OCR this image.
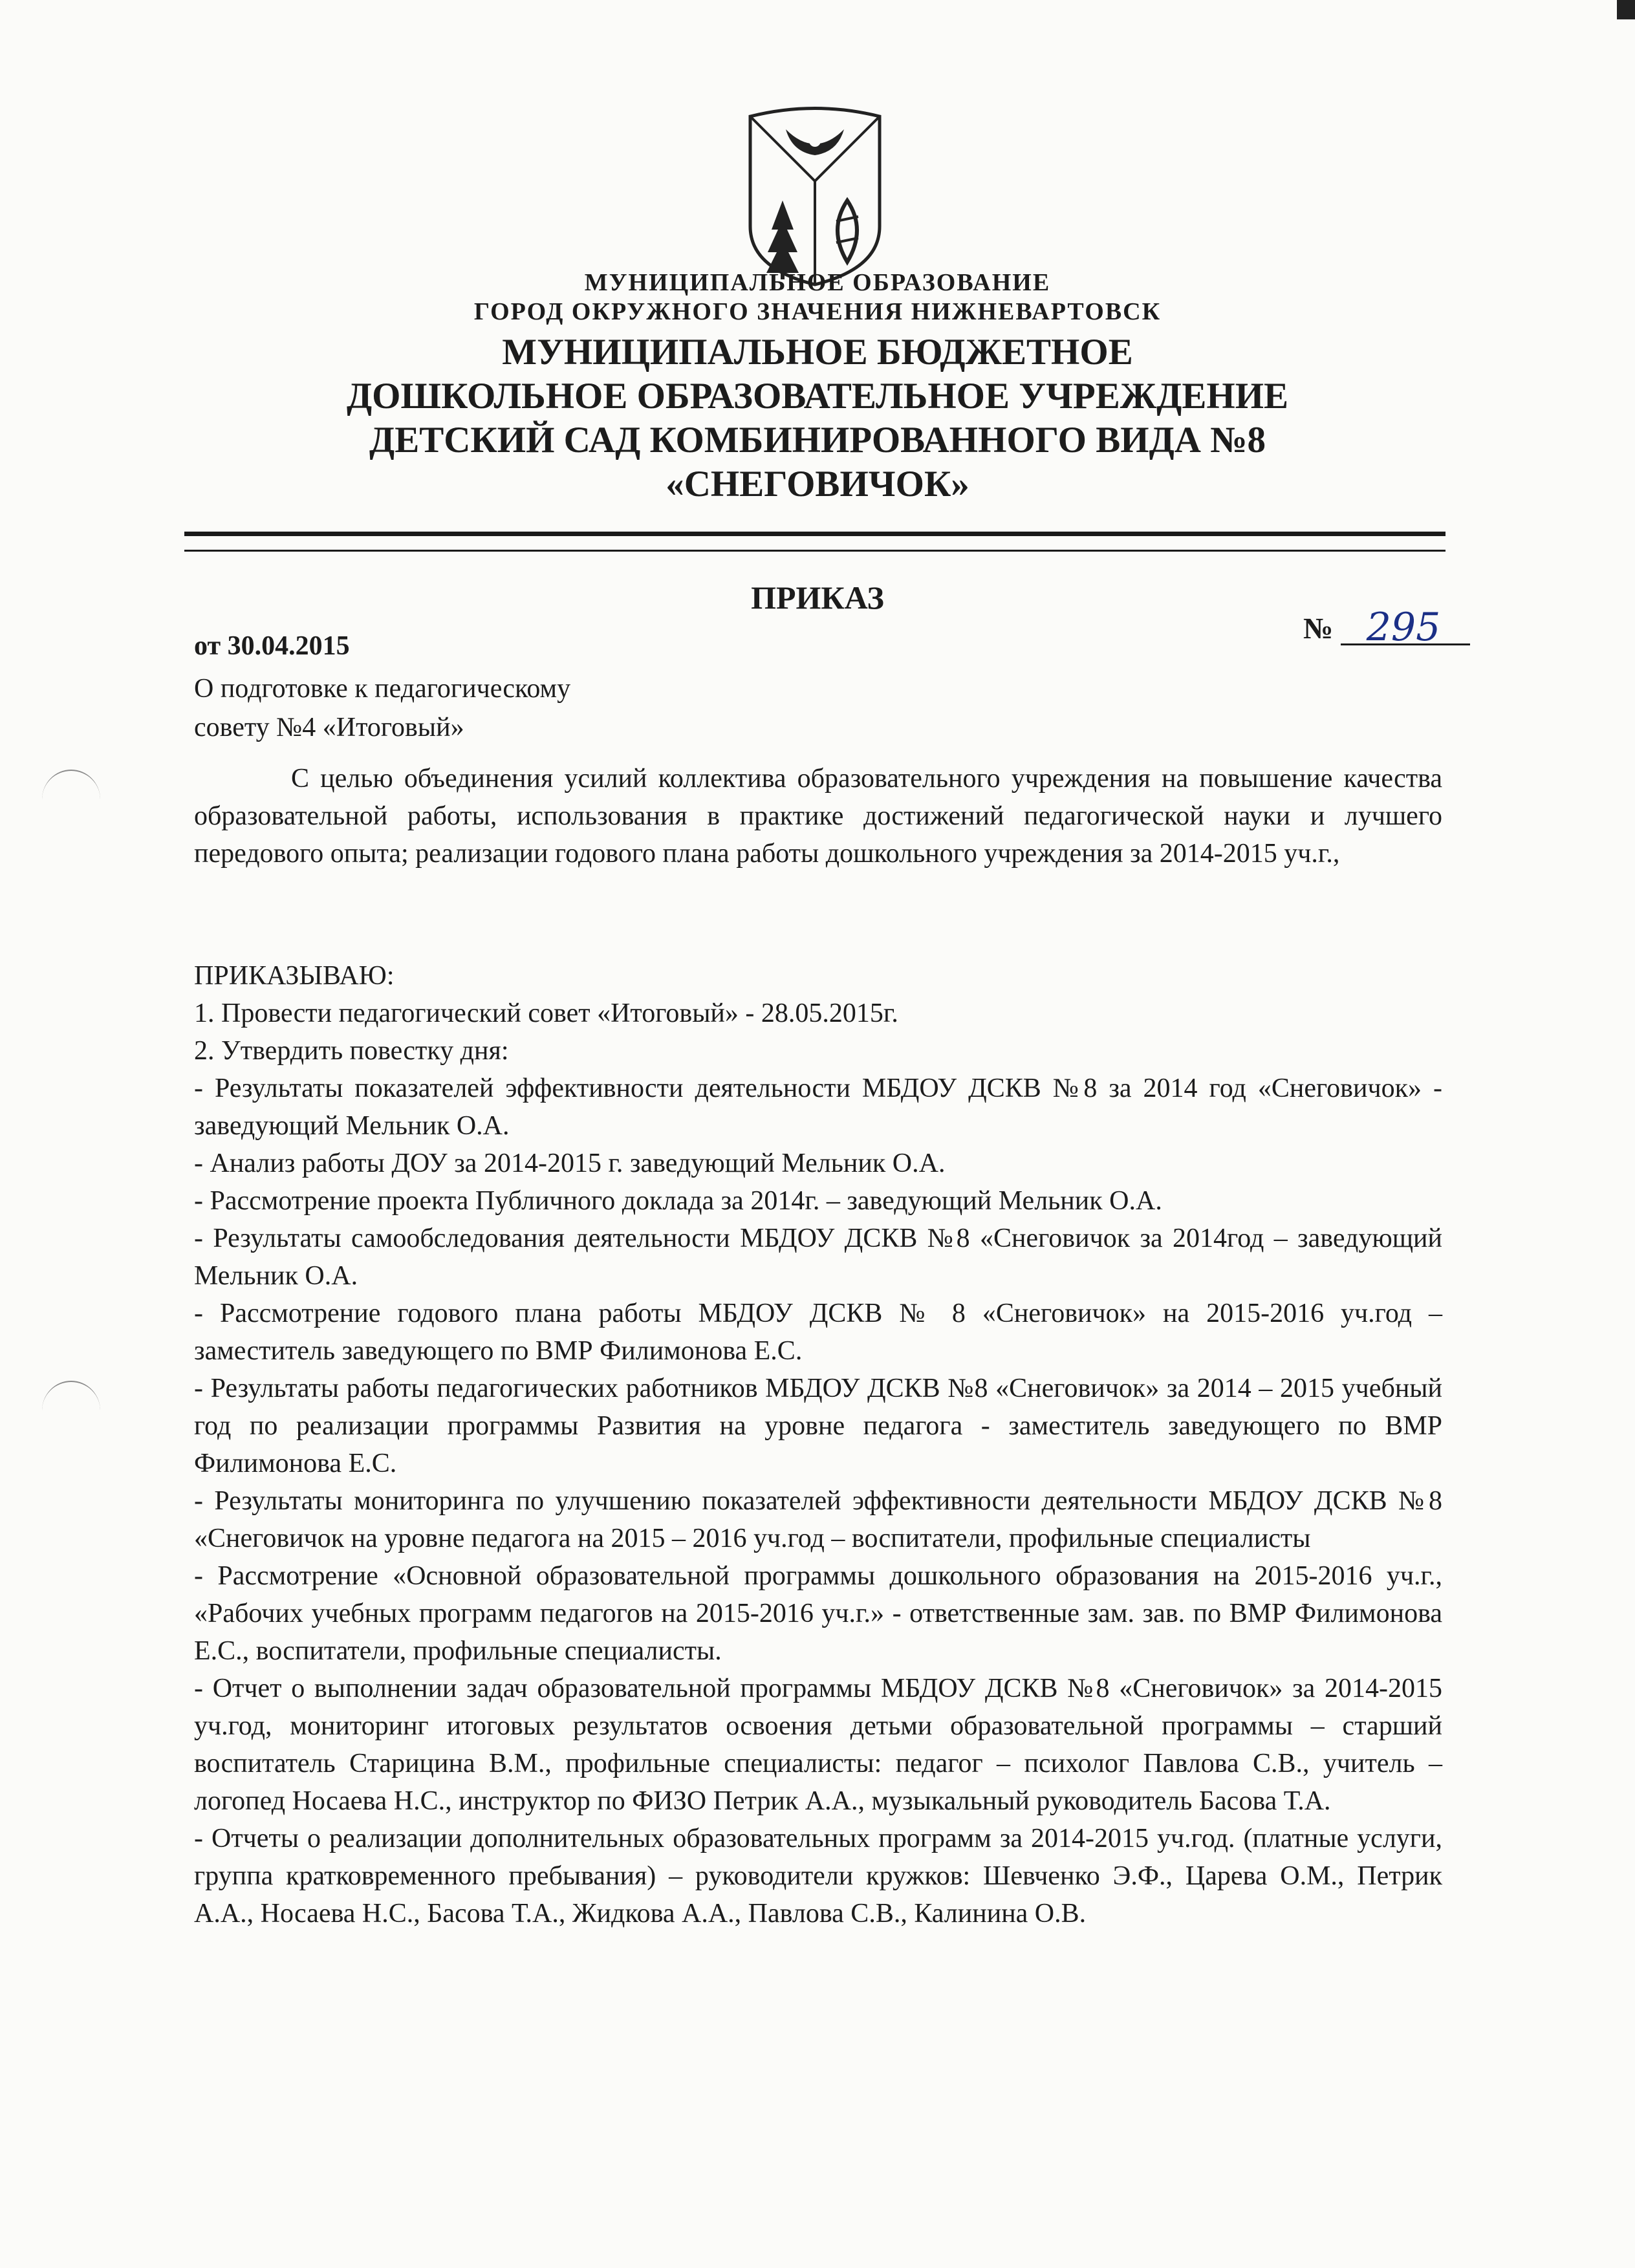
МУНИЦИПАЛЬНОЕ ОБРАЗОВАНИЕ

ГОРОД ОКРУЖНОГО ЗНАЧЕНИЯ НИЖНЕВАРТОВСК

МУНИЦИПАЛЬНОЕ БЮДЖЕТНОЕ

ДОШКОЛЬНОЕ ОБРАЗОВАТЕЛЬНОЕ УЧРЕЖДЕНИЕ

ДЕТСКИЙ САД КОМБИНИРОВАННОГО ВИДА №8

«СНЕГОВИЧОК»

ПРИКАЗ
от 30.04.2015
№ 295
О подготовке к педагогическому
совету №4 «Итоговый»

С целью объединения усилий коллектива образовательного учреждения на повышение качества образовательной работы, использования в практике достижений педагогической науки и лучшего передового опыта; реализации годового плана работы дошкольного учреждения за 2014-2015 уч.г.,

ПРИКАЗЫВАЮ:

1. Провести педагогический совет «Итоговый» - 28.05.2015г.

2. Утвердить повестку дня:

- Результаты показателей эффективности деятельности МБДОУ ДСКВ №8 за 2014 год «Снеговичок» - заведующий Мельник О.А.

- Анализ работы ДОУ за 2014-2015 г. заведующий Мельник О.А.

- Рассмотрение проекта Публичного доклада за 2014г. – заведующий Мельник О.А.

- Результаты самообследования деятельности МБДОУ ДСКВ №8 «Снеговичок за 2014год – заведующий Мельник О.А.

- Рассмотрение годового плана работы МБДОУ ДСКВ № 8 «Снеговичок» на 2015-2016 уч.год – заместитель заведующего по ВМР Филимонова Е.С.

- Результаты работы педагогических работников МБДОУ ДСКВ №8 «Снеговичок» за 2014 – 2015 учебный год по реализации программы Развития на уровне педагога - заместитель заведующего по ВМР Филимонова Е.С.

- Результаты мониторинга по улучшению показателей эффективности деятельности МБДОУ ДСКВ №8 «Снеговичок на уровне педагога на 2015 – 2016 уч.год – воспитатели, профильные специалисты

- Рассмотрение «Основной образовательной программы дошкольного образования на 2015-2016 уч.г., «Рабочих учебных программ педагогов на 2015-2016 уч.г.» - ответственные зам. зав. по ВМР Филимонова Е.С., воспитатели, профильные специалисты.

- Отчет о выполнении задач образовательной программы МБДОУ ДСКВ №8 «Снеговичок» за 2014-2015 уч.год, мониторинг итоговых результатов освоения детьми образовательной программы – старший воспитатель Старицина В.М., профильные специалисты: педагог – психолог Павлова С.В., учитель – логопед Носаева Н.С., инструктор по ФИЗО Петрик А.А., музыкальный руководитель Басова Т.А.

- Отчеты о реализации дополнительных образовательных программ за 2014-2015 уч.год. (платные услуги, группа кратковременного пребывания) – руководители кружков: Шевченко Э.Ф., Царева О.М., Петрик А.А., Носаева Н.С., Басова Т.А., Жидкова А.А., Павлова С.В., Калинина О.В.
